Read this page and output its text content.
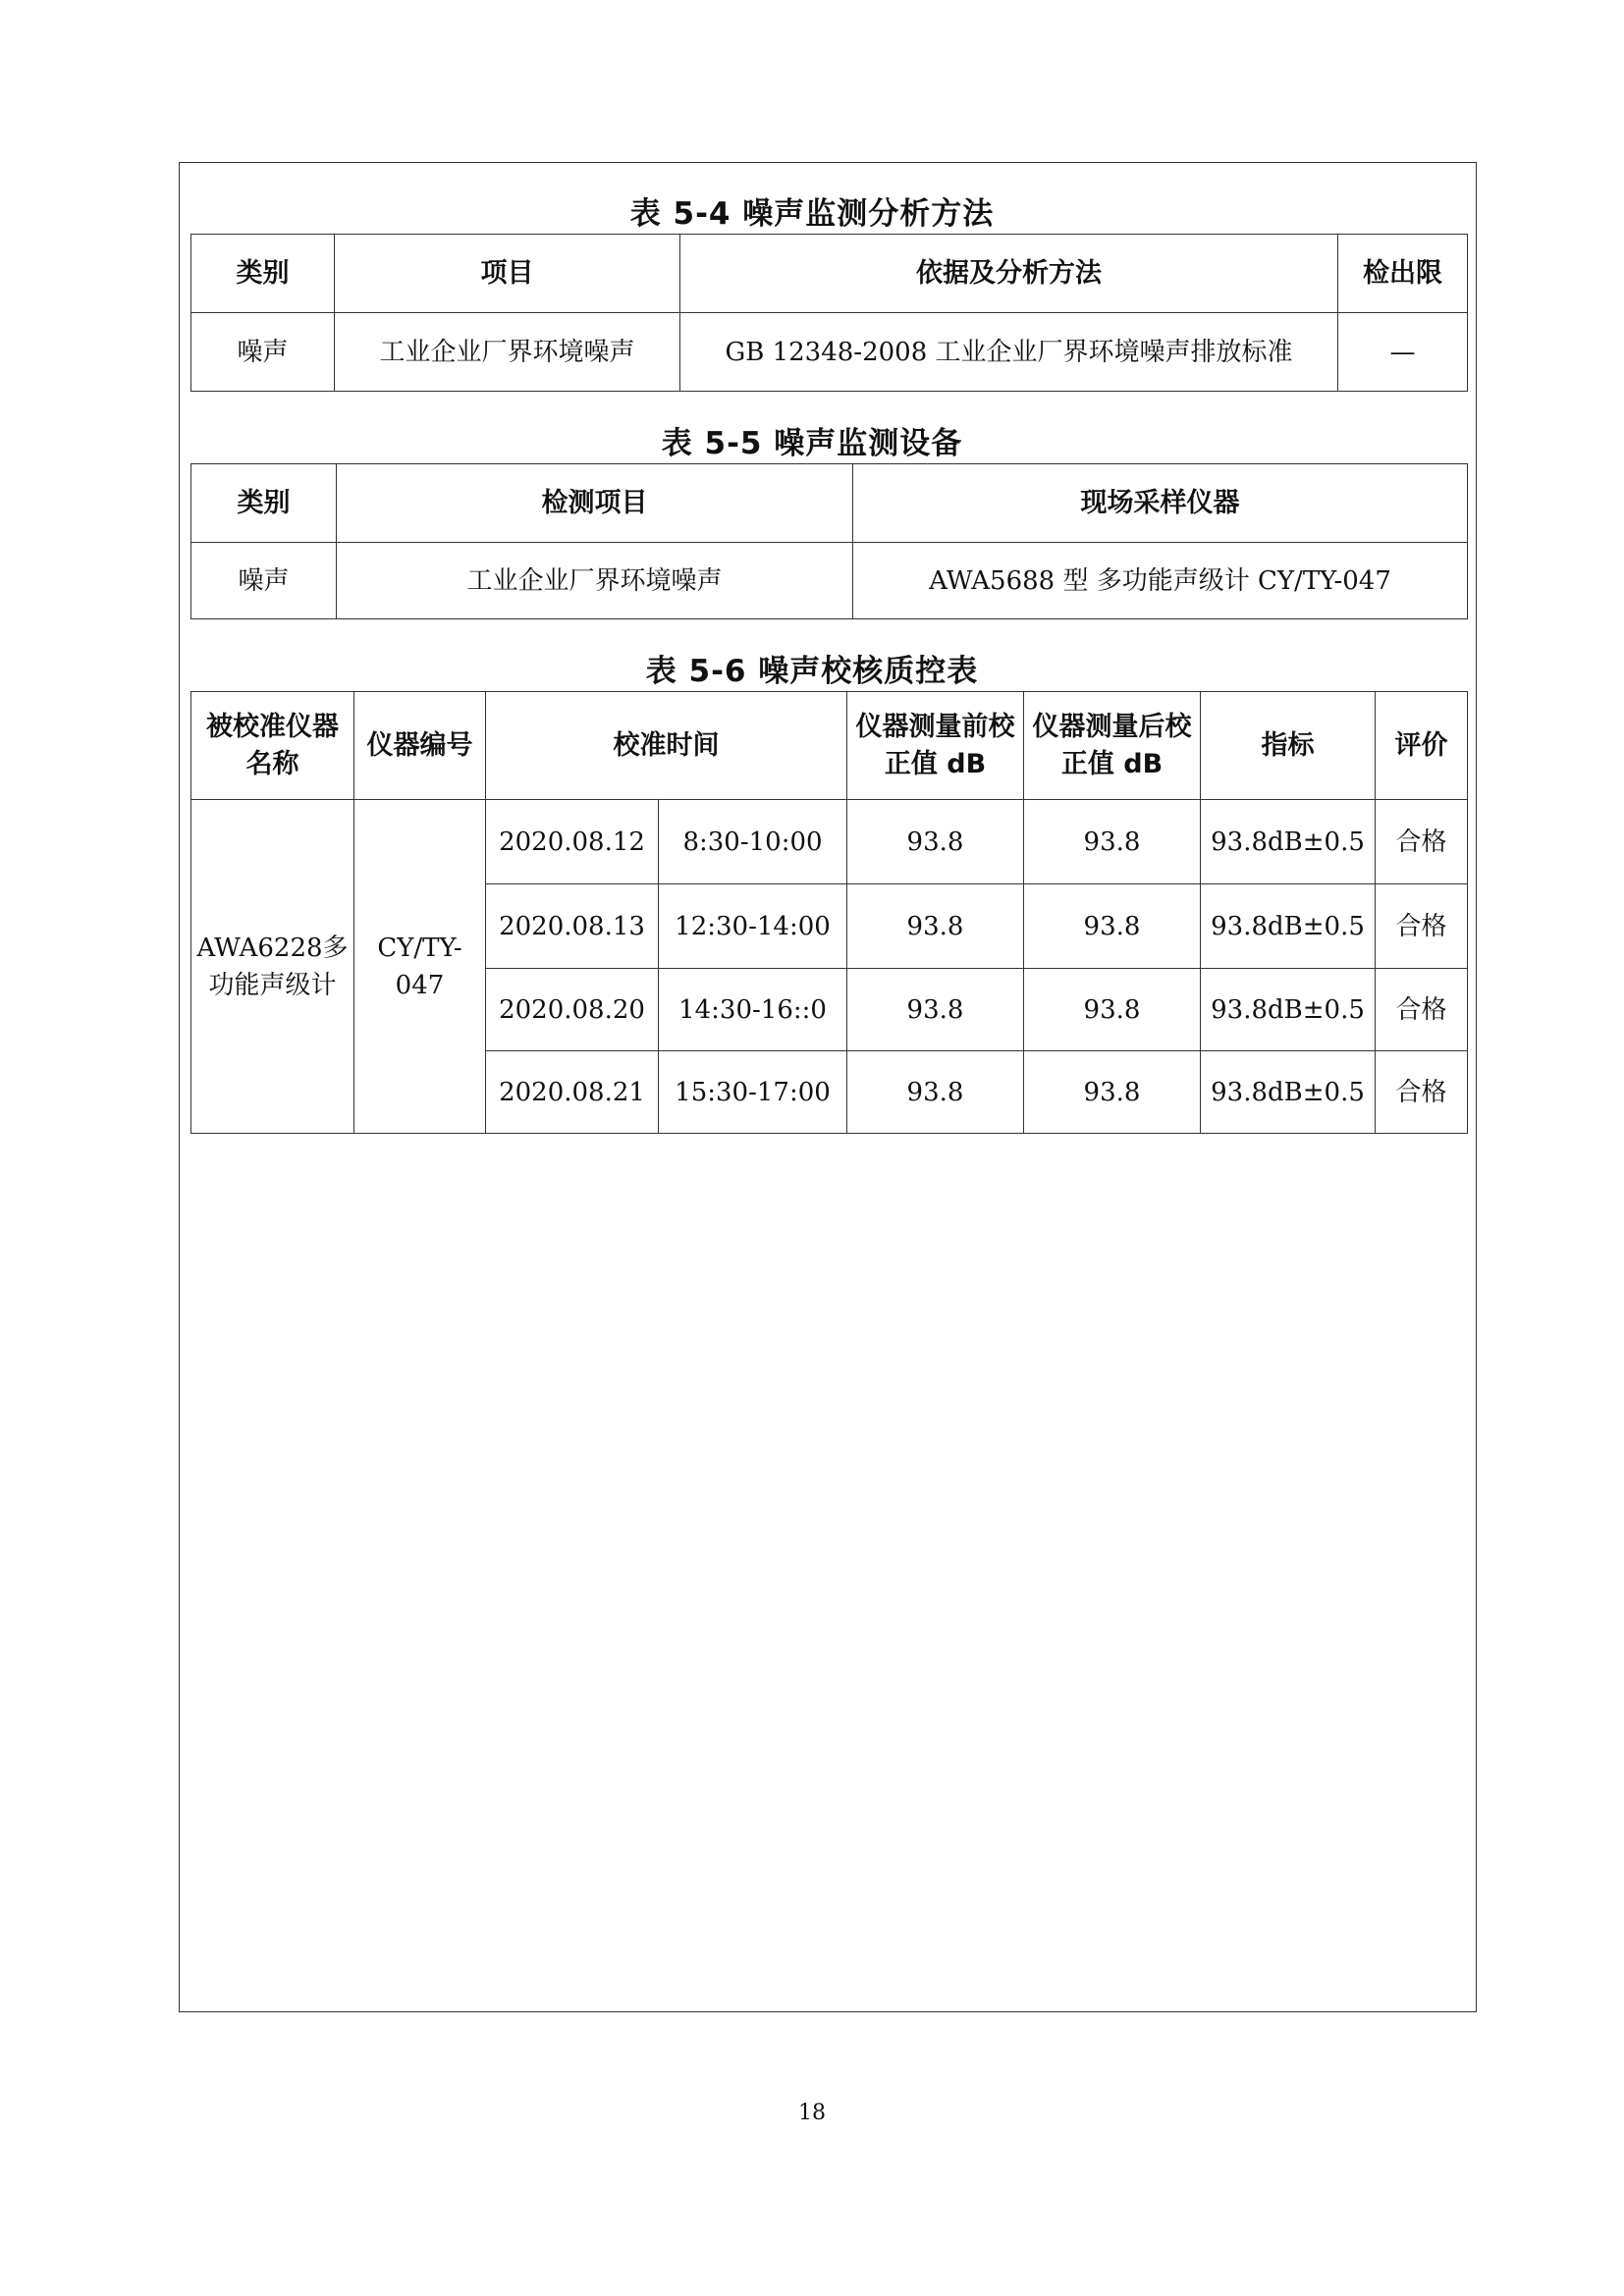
表 5-4 噪声监测分析方法
类别	项目	依据及分析方法	检出限
噪声	工业企业厂界环境噪声	GB 12348-2008 工业企业厂界环境噪声排放标准	—
表 5-5 噪声监测设备
类别	检测项目	现场采样仪器
噪声	工业企业厂界环境噪声	AWA5688 型 多功能声级计 CY/TY-047
表 5-6 噪声校核质控表
被校准仪器名称	仪器编号	校准时间		仪器测量前校正值 dB	仪器测量后校正值 dB	指标	评价
AWA6228多功能声级计	CY/TY-047	2020.08.12	8:30-10:00	93.8	93.8	93.8dB±0.5	合格
		2020.08.13	12:30-14:00	93.8	93.8	93.8dB±0.5	合格
		2020.08.20	14:30-16::0	93.8	93.8	93.8dB±0.5	合格
		2020.08.21	15:30-17:00	93.8	93.8	93.8dB±0.5	合格
18
